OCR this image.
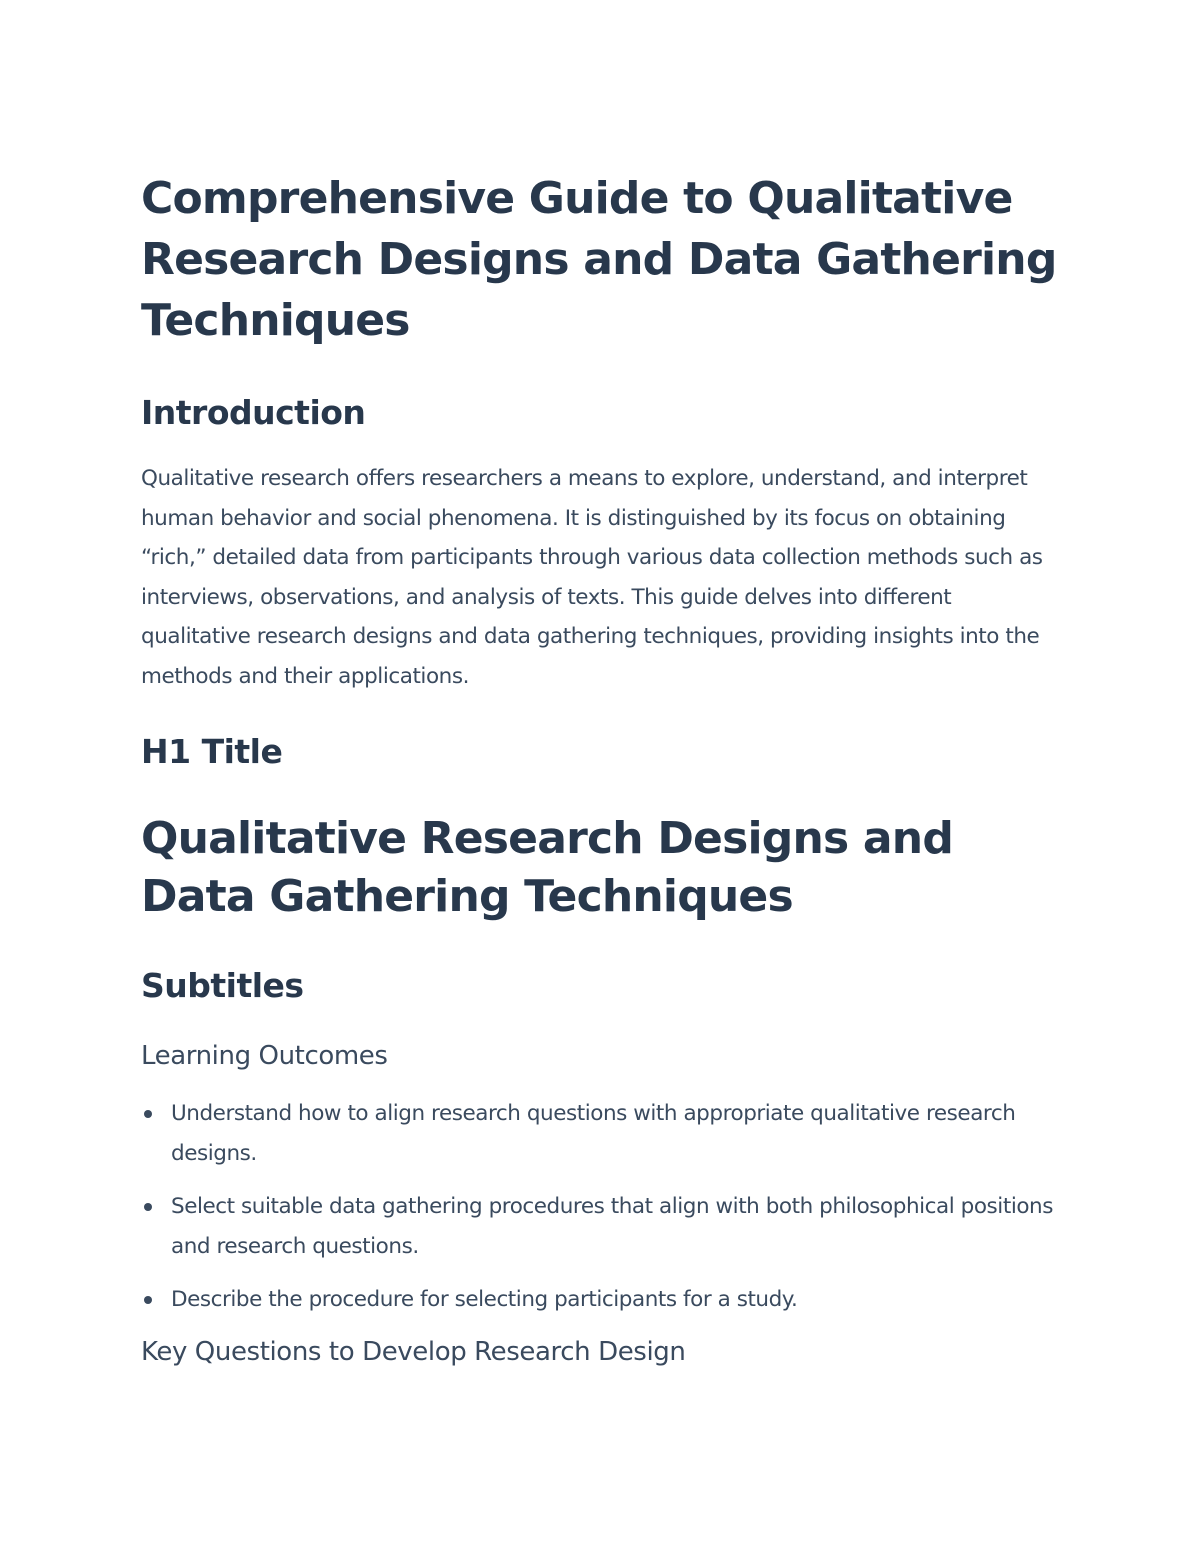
Comprehensive Guide to Qualitative Research Designs and Data Gathering Techniques
Introduction

Qualitative research offers researchers a means to explore, understand, and interpret human behavior and social phenomena. It is distinguished by its focus on obtaining “rich,” detailed data from participants through various data collection methods such as interviews, observations, and analysis of texts. This guide delves into different qualitative research designs and data gathering techniques, providing insights into the methods and their applications.

H1 Title
Qualitative Research Designs and Data Gathering Techniques
Subtitles
Learning Outcomes
Understand how to align research questions with appropriate qualitative research designs.
Select suitable data gathering procedures that align with both philosophical positions and research questions.
Describe the procedure for selecting participants for a study.
Key Questions to Develop Research Design
